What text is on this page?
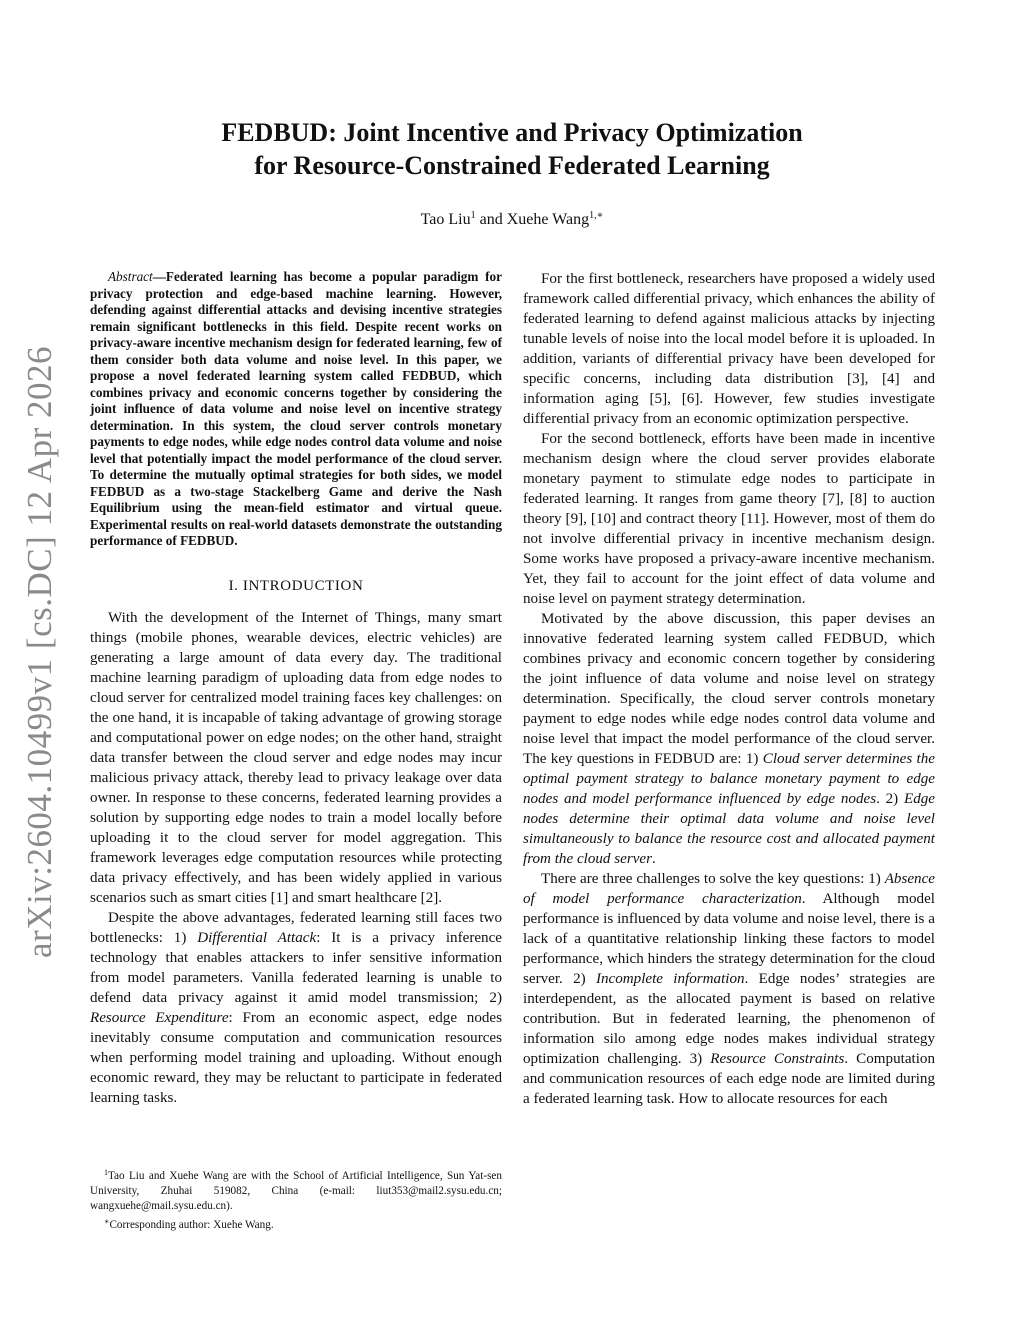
arXiv:2604.10499v1 [cs.DC] 12 Apr 2026
FEDBUD: Joint Incentive and Privacy Optimization
for Resource-Constrained Federated Learning
Tao Liu$^1$ and Xuehe Wang$^{1,∗}$

Abstract—Federated learning has become a popular paradigm for privacy protection and edge-based machine learning. However, defending against differential attacks and devising incentive strategies remain significant bottlenecks in this field. Despite recent works on privacy-aware incentive mechanism design for federated learning, few of them consider both data volume and noise level. In this paper, we propose a novel federated learning system called FEDBUD, which combines privacy and economic concerns together by considering the joint influence of data volume and noise level on incentive strategy determination. In this system, the cloud server controls monetary payments to edge nodes, while edge nodes control data volume and noise level that potentially impact the model performance of the cloud server. To determine the mutually optimal strategies for both sides, we model FEDBUD as a two-stage Stackelberg Game and derive the Nash Equilibrium using the mean-field estimator and virtual queue. Experimental results on real-world datasets demonstrate the outstanding performance of FEDBUD.

I. INTRODUCTION

With the development of the Internet of Things, many smart things (mobile phones, wearable devices, electric vehicles) are generating a large amount of data every day. The traditional machine learning paradigm of uploading data from edge nodes to cloud server for centralized model training faces key challenges: on the one hand, it is incapable of taking advantage of growing storage and computational power on edge nodes; on the other hand, straight data transfer between the cloud server and edge nodes may incur malicious privacy attack, thereby lead to privacy leakage over data owner. In response to these concerns, federated learning provides a solution by supporting edge nodes to train a model locally before uploading it to the cloud server for model aggregation. This framework leverages edge computation resources while protecting data privacy effectively, and has been widely applied in various scenarios such as smart cities [1] and smart healthcare [2].

Despite the above advantages, federated learning still faces two bottlenecks: 1) Differential Attack: It is a privacy inference technology that enables attackers to infer sensitive information from model parameters. Vanilla federated learning is unable to defend data privacy against it amid model transmission; 2) Resource Expenditure: From an economic aspect, edge nodes inevitably consume computation and communication resources when performing model training and uploading. Without enough economic reward, they may be reluctant to participate in federated learning tasks.

For the first bottleneck, researchers have proposed a widely used framework called differential privacy, which enhances the ability of federated learning to defend against malicious attacks by injecting tunable levels of noise into the local model before it is uploaded. In addition, variants of differential privacy have been developed for specific concerns, including data distribution [3], [4] and information aging [5], [6]. However, few studies investigate differential privacy from an economic optimization perspective.

For the second bottleneck, efforts have been made in incentive mechanism design where the cloud server provides elaborate monetary payment to stimulate edge nodes to participate in federated learning. It ranges from game theory [7], [8] to auction theory [9], [10] and contract theory [11]. However, most of them do not involve differential privacy in incentive mechanism design. Some works have proposed a privacy-aware incentive mechanism. Yet, they fail to account for the joint effect of data volume and noise level on payment strategy determination.

Motivated by the above discussion, this paper devises an innovative federated learning system called FEDBUD, which combines privacy and economic concern together by considering the joint influence of data volume and noise level on strategy determination. Specifically, the cloud server controls monetary payment to edge nodes while edge nodes control data volume and noise level that impact the model performance of the cloud server. The key questions in FEDBUD are: 1) Cloud server determines the optimal payment strategy to balance monetary payment to edge nodes and model performance influenced by edge nodes. 2) Edge nodes determine their optimal data volume and noise level simultaneously to balance the resource cost and allocated payment from the cloud server.

There are three challenges to solve the key questions: 1) Absence of model performance characterization. Although model performance is influenced by data volume and noise level, there is a lack of a quantitative relationship linking these factors to model performance, which hinders the strategy determination for the cloud server. 2) Incomplete information. Edge nodes’ strategies are interdependent, as the allocated payment is based on relative contribution. But in federated learning, the phenomenon of information silo among edge nodes makes individual strategy optimization challenging. 3) Resource Constraints. Computation and communication resources of each edge node are limited during a federated learning task. How to allocate resources for each

$^1$Tao Liu and Xuehe Wang are with the School of Artificial Intelligence, Sun Yat-sen University, Zhuhai 519082, China (e-mail: liut353@mail2.sysu.edu.cn; wangxuehe@mail.sysu.edu.cn).

∗Corresponding author: Xuehe Wang.
